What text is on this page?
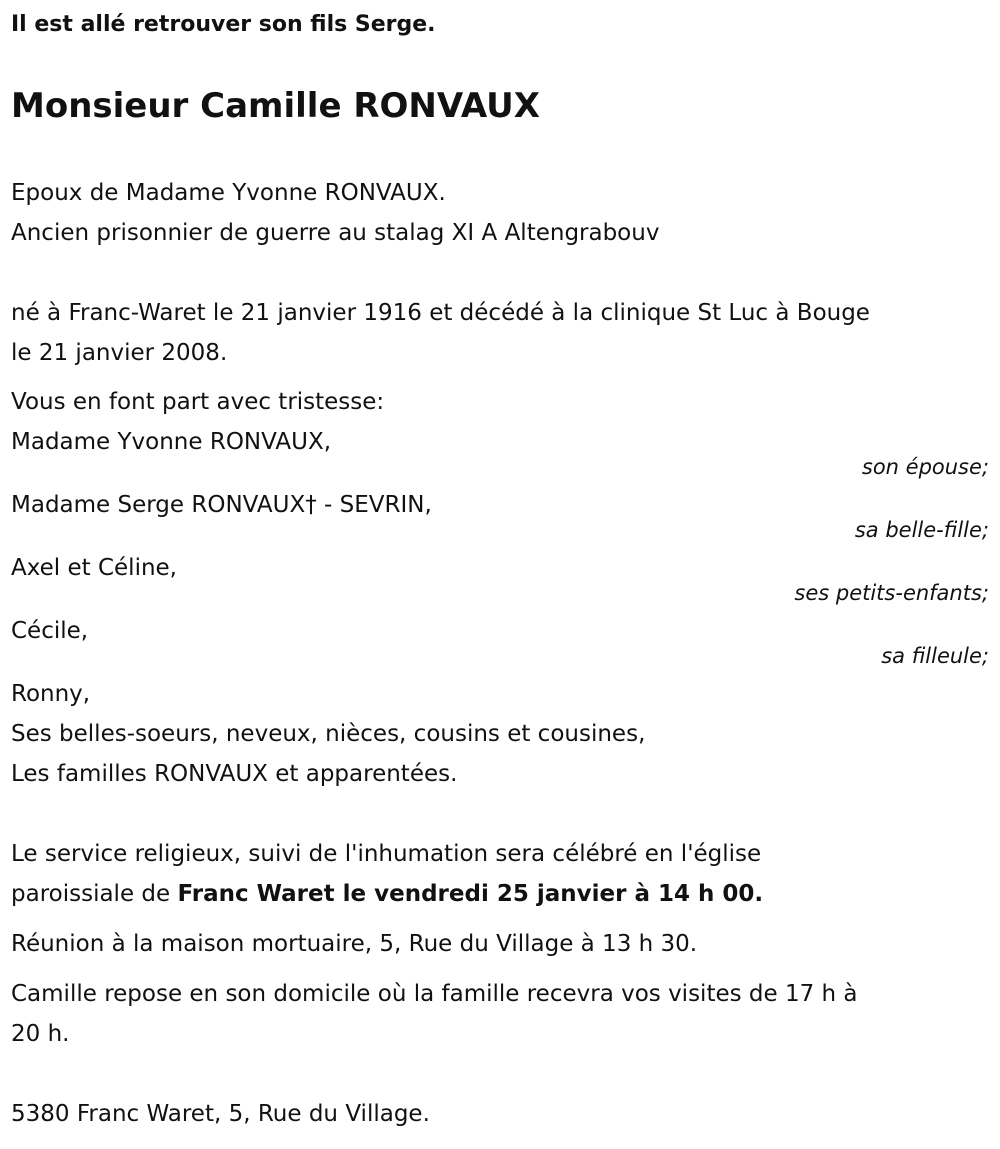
Il est allé retrouver son fils Serge.
Monsieur Camille RONVAUX
Epoux de Madame Yvonne RONVAUX.
Ancien prisonnier de guerre au stalag XI A Altengrabouv
né à Franc-Waret le 21 janvier 1916 et décédé à la clinique St Luc à Bouge
le 21 janvier 2008.
Vous en font part avec tristesse:
Madame Yvonne RONVAUX,
son épouse;
Madame Serge RONVAUX† - SEVRIN,
sa belle-fille;
Axel et Céline,
ses petits-enfants;
Cécile,
sa filleule;
Ronny,
Ses belles-soeurs, neveux, nièces, cousins et cousines,
Les familles RONVAUX et apparentées.
Le service religieux, suivi de l'inhumation sera célébré en l'église
paroissiale de Franc Waret le vendredi 25 janvier à 14 h 00.
Réunion à la maison mortuaire, 5, Rue du Village à 13 h 30.
Camille repose en son domicile où la famille recevra vos visites de 17 h à
20 h.
5380 Franc Waret, 5, Rue du Village.
